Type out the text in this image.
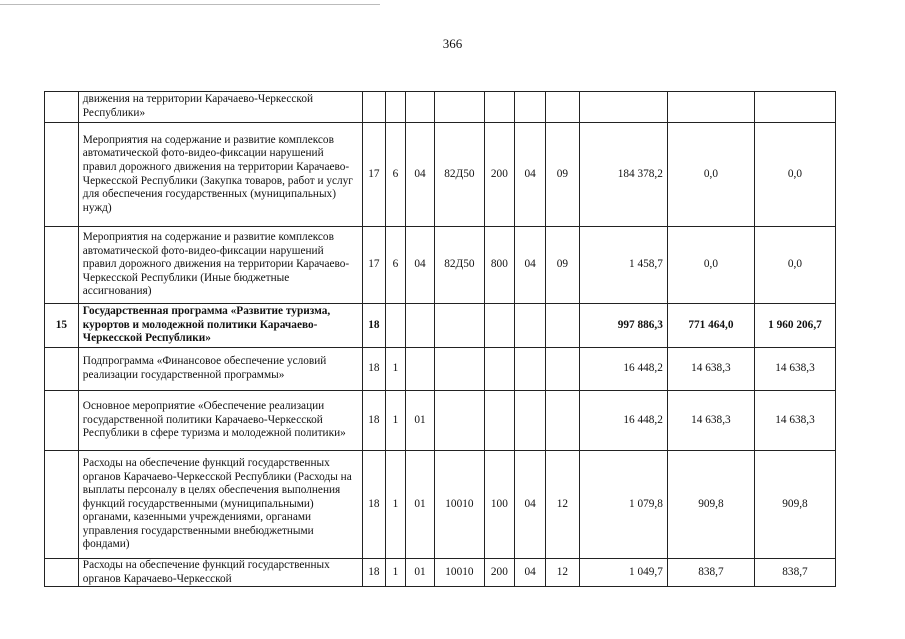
366
	движения на территории Карачаево-Черкесской Республики»										
	Мероприятия на содержание и развитие комплексов автоматической фото-видео-фиксации нарушений правил дорожного движения на территории Карачаево-Черкесской Республики (Закупка товаров, работ и услуг для обеспечения государственных (муниципальных) нужд)	17	6	04	82Д50	200	04	09	184 378,2	0,0	0,0
	Мероприятия на содержание и развитие комплексов автоматической фото-видео-фиксации нарушений правил дорожного движения на территории Карачаево-Черкесской Республики (Иные бюджетные ассигнования)	17	6	04	82Д50	800	04	09	1 458,7	0,0	0,0
15	Государственная программа «Развитие туризма, курортов и молодежной политики Карачаево-Черкесской Республики»	18							997 886,3	771 464,0	1 960 206,7
	Подпрограмма «Финансовое обеспечение условий реализации государственной программы»	18	1						16 448,2	14 638,3	14 638,3
	Основное мероприятие «Обеспечение реализации государственной политики Карачаево-Черкесской Республики в сфере туризма и молодежной политики»	18	1	01					16 448,2	14 638,3	14 638,3
	Расходы на обеспечение функций государственных органов Карачаево-Черкесской Республики (Расходы на выплаты персоналу в целях обеспечения выполнения функций государственными (муниципальными) органами, казенными учреждениями, органами управления государственными внебюджетными фондами)	18	1	01	10010	100	04	12	1 079,8	909,8	909,8
	Расходы на обеспечение функций государственных органов Карачаево-Черкесской	18	1	01	10010	200	04	12	1 049,7	838,7	838,7
